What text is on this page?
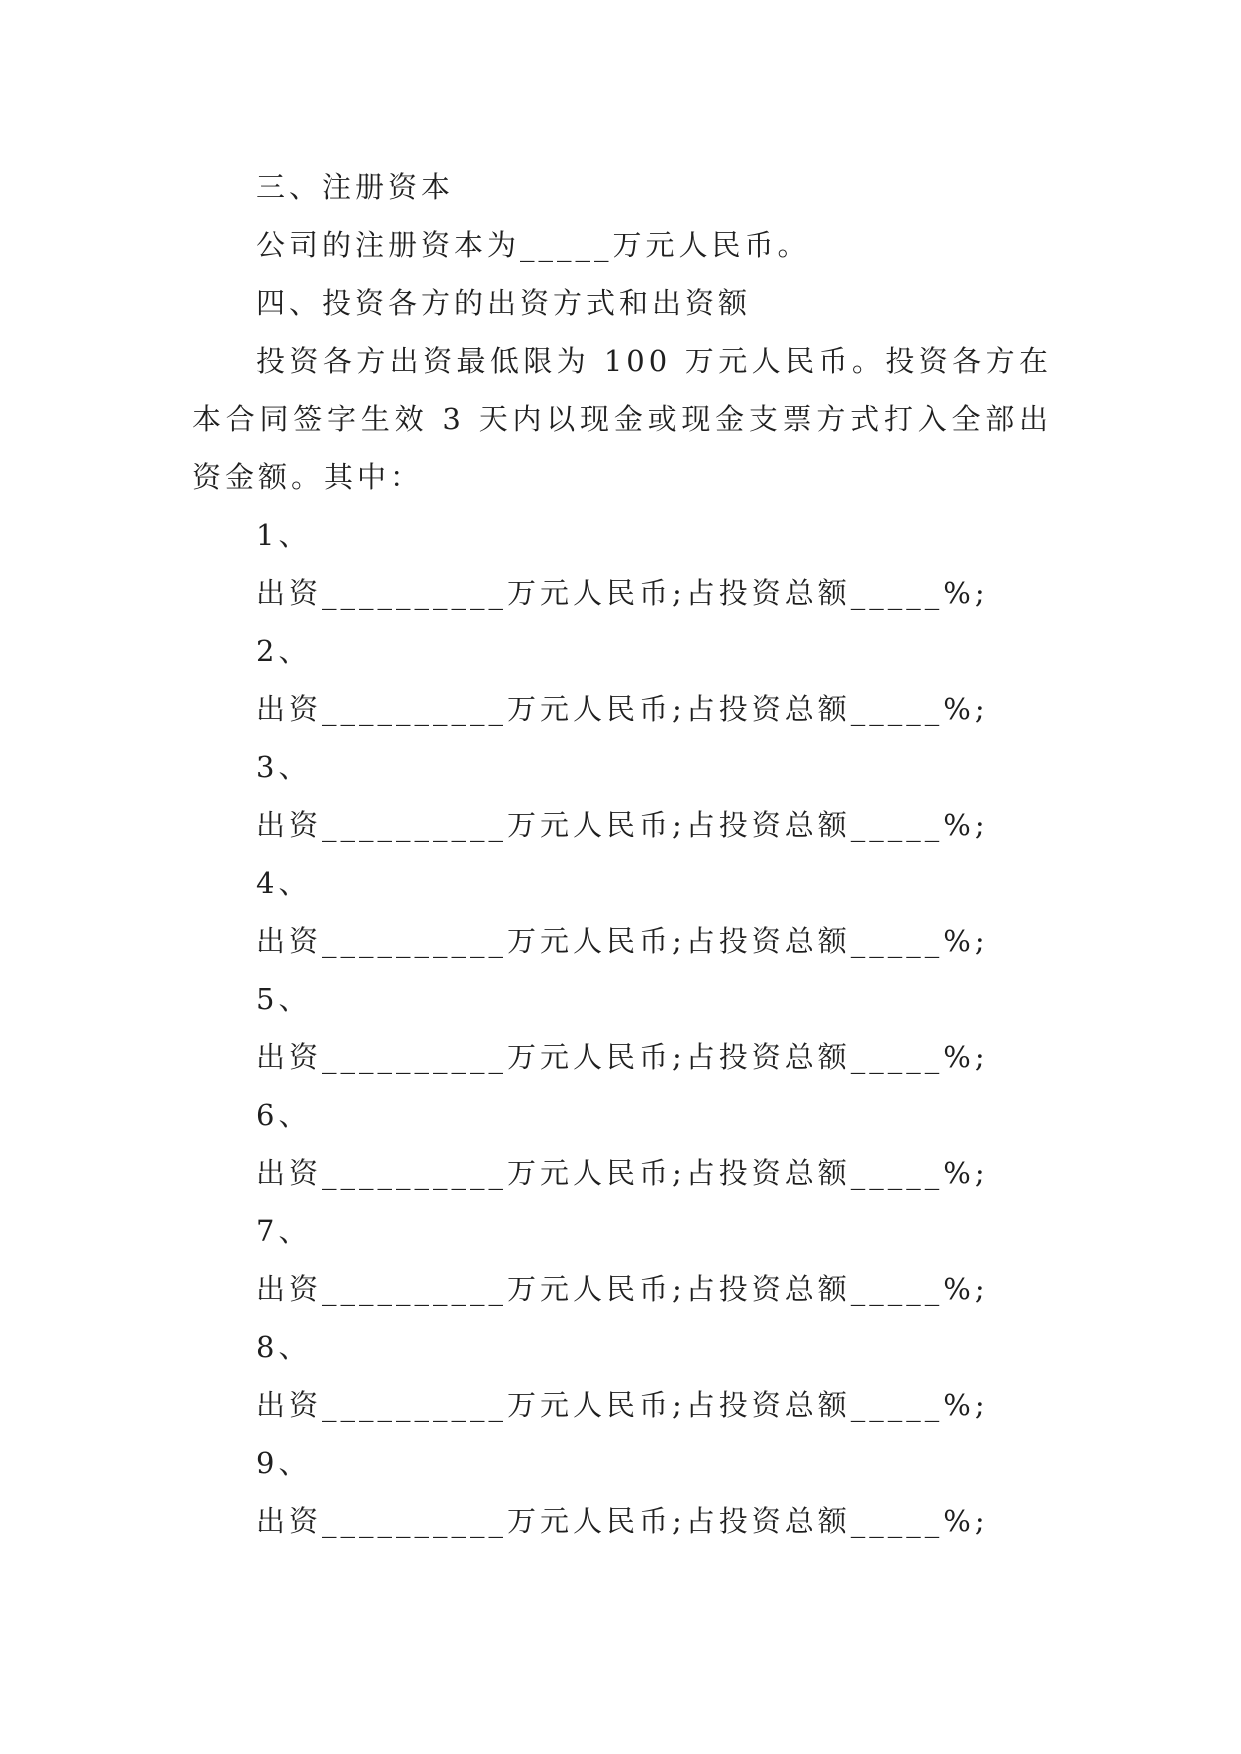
三、注册资本
公司的注册资本为_____万元人民币。
四、投资各方的出资方式和出资额

投资各方出资最低限为 100 万元人民币。投资各方在本合同签字生效 3 天内以现金或现金支票方式打入全部出资金额。其中：

1、
出资__________万元人民币;占投资总额_____%;
2、
出资__________万元人民币;占投资总额_____%;
3、
出资__________万元人民币;占投资总额_____%;
4、
出资__________万元人民币;占投资总额_____%;
5、
出资__________万元人民币;占投资总额_____%;
6、
出资__________万元人民币;占投资总额_____%;
7、
出资__________万元人民币;占投资总额_____%;
8、
出资__________万元人民币;占投资总额_____%;
9、
出资__________万元人民币;占投资总额_____%;
